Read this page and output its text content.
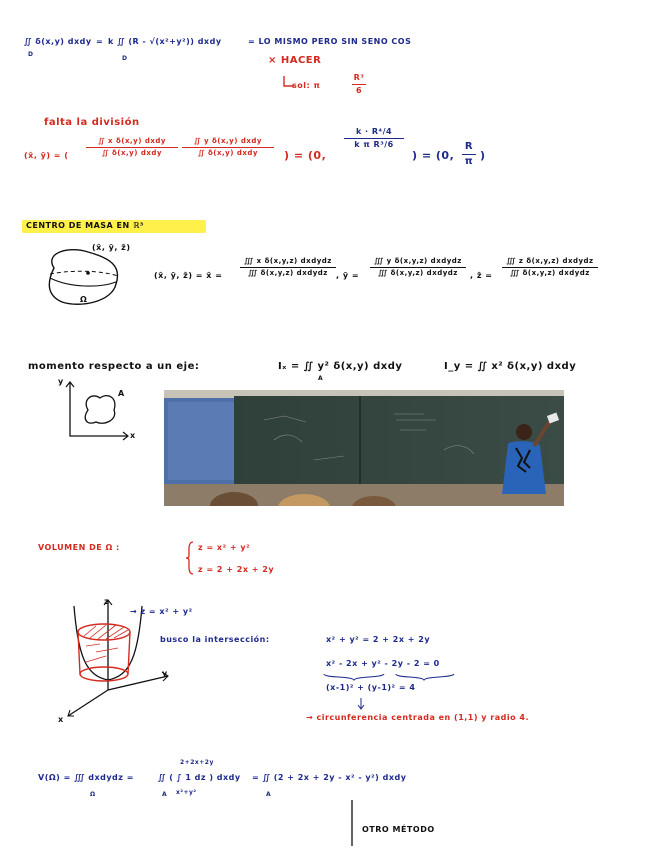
∬ δ(x,y) dxdy = k ∬ (R - √(x²+y²)) dxdy
D
D
= LO MISMO PERO SIN SENO COS
× HACER
sol: π
R³
6
falta la división
(x̄, ȳ) = (
∬ x δ(x,y) dxdy
∬ δ(x,y) dxdy
∬ y δ(x,y) dxdy
∬ δ(x,y) dxdy	) = (0,
k · R⁴/4
k π R³/6
) = (0,
R
π )
CENTRO DE MASA EN ℝ³
(x̄, ȳ, z̄)
Ω
(x̄, ȳ, z̄) = x̄ =
∭ x δ(x,y,z) dxdydz
∭ δ(x,y,z) dxdydz	, ȳ =
∭ y δ(x,y,z) dxdydz
∭ δ(x,y,z) dxdydz	, z̄ =
∭ z δ(x,y,z) dxdydz
∭ δ(x,y,z) dxdydz
momento respecto a un eje:	Iₓ = ∬ y² δ(x,y) dxdy
A
I_y = ∬ x² δ(x,y) dxdy
y
x
A
VOLUMEN DE Ω :	z = x² + y²
z = 2 + 2x + 2y
z
y
x
→ z = x² + y²
busco la intersección:	x² + y² = 2 + 2x + 2y
x² - 2x + y² - 2y - 2 = 0
(x-1)² + (y-1)² = 4
→ circunferencia centrada en (1,1) y radio 4.
V(Ω) = ∭ dxdydz =
Ω
2+2x+2y
∬ ( ∫ 1 dz ) dxdy
x²+y²
A
= ∬ (2 + 2x + 2y - x² - y²) dxdy
A
OTRO MÉTODO
